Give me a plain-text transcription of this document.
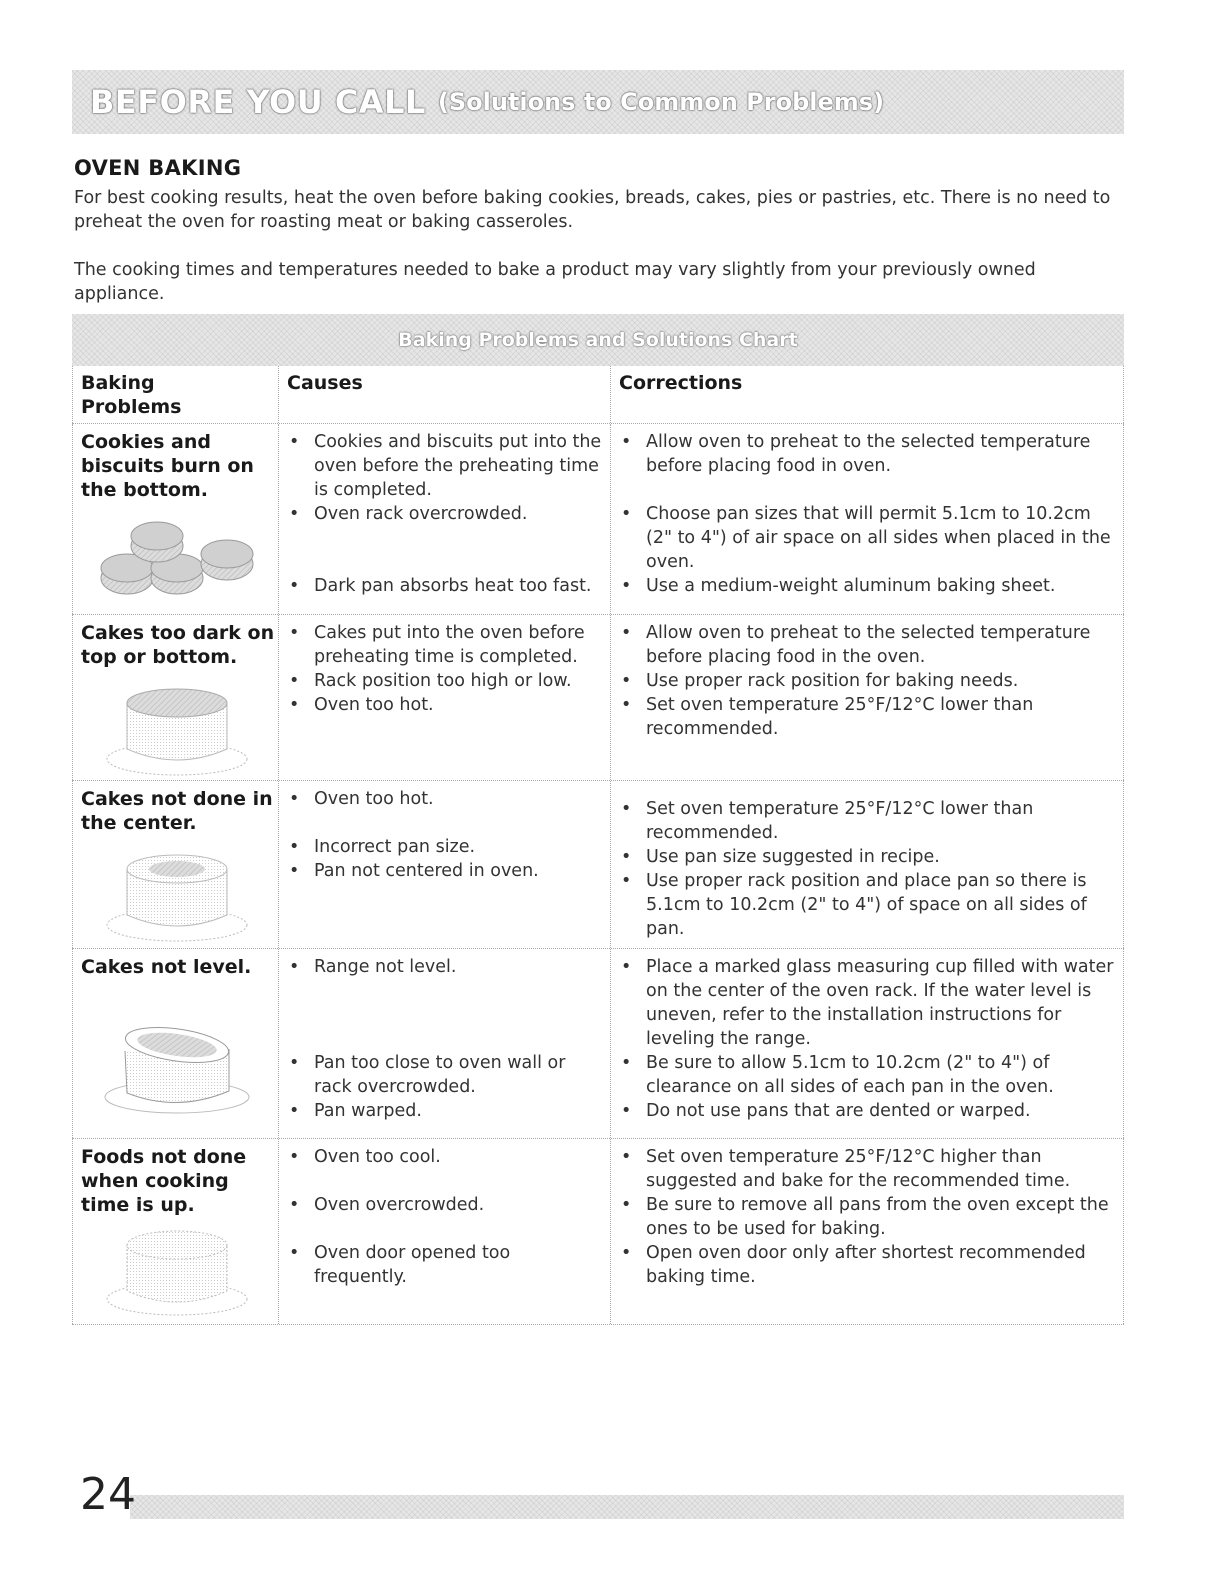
BEFORE YOU CALL (Solutions to Common Problems)
OVEN BAKING

For best cooking results, heat the oven before baking cookies, breads, cakes, pies or pastries, etc. There is no need to preheat the oven for roasting meat or baking casseroles.

The cooking times and temperatures needed to bake a product may vary slightly from your previously owned appliance.

Baking Problems and Solutions Chart
Baking Problems
Causes	Corrections
Cookies and biscuits burn on the bottom.
• Cookies and biscuits put into the oven before the preheating time is completed.
• Oven rack overcrowded.
• Dark pan absorbs heat too fast.
• Allow oven to preheat to the selected temperature before placing food in oven.
• Choose pan sizes that will permit 5.1cm to 10.2cm (2" to 4") of air space on all sides when placed in the oven.
• Use a medium-weight aluminum baking sheet.
Cakes too dark on top or bottom.
• Cakes put into the oven before preheating time is completed.
• Rack position too high or low.
• Oven too hot.
• Allow oven to preheat to the selected temperature before placing food in the oven.
• Use proper rack position for baking needs.
• Set oven temperature 25°F/12°C lower than recommended.
Cakes not done in the center.
• Oven too hot.
• Incorrect pan size.
• Pan not centered in oven.
• Set oven temperature 25°F/12°C lower than recommended.
• Use pan size suggested in recipe.
• Use proper rack position and place pan so there is 5.1cm to 10.2cm (2" to 4") of space on all sides of pan.
Cakes not level.	• Range not level.
• Pan too close to oven wall or rack overcrowded.
• Pan warped.
• Place a marked glass measuring cup filled with water on the center of the oven rack. If the water level is uneven, refer to the installation instructions for leveling the range.
• Be sure to allow 5.1cm to 10.2cm (2" to 4") of clearance on all sides of each pan in the oven.
• Do not use pans that are dented or warped.
Foods not done when cooking time is up.
• Oven too cool.
• Oven overcrowded.
• Oven door opened too frequently.
• Set oven temperature 25°F/12°C higher than suggested and bake for the recommended time.
• Be sure to remove all pans from the oven except the ones to be used for baking.
• Open oven door only after shortest recommended baking time.

24
